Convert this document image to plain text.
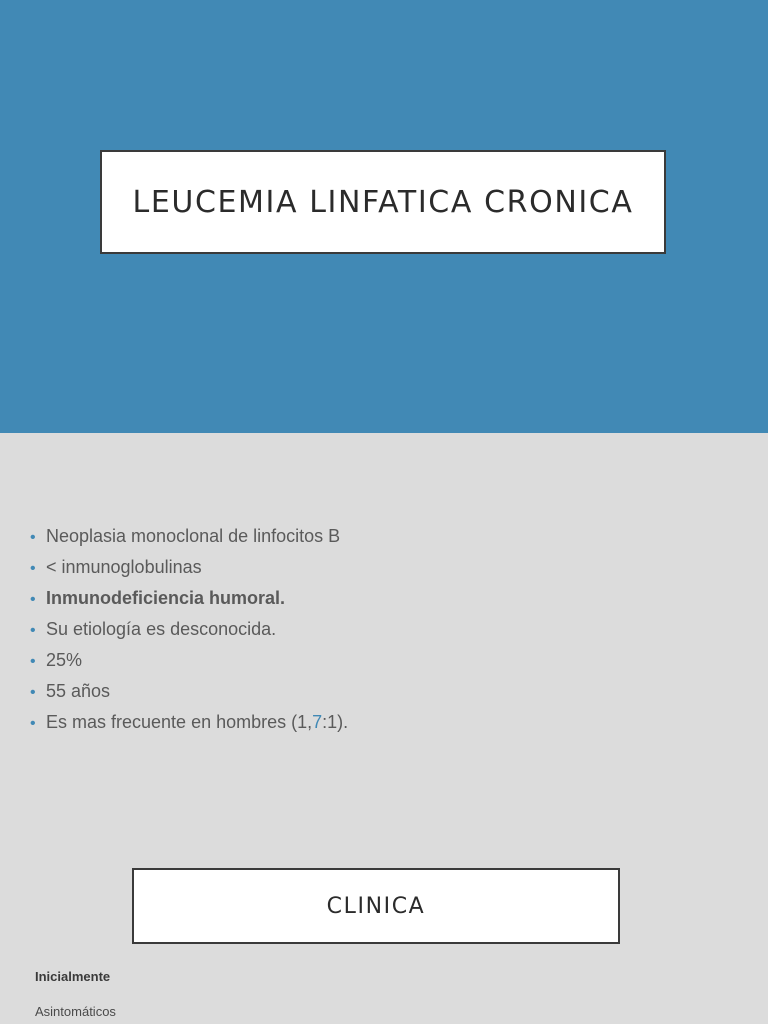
LEUCEMIA LINFATICA CRONICA
• Neoplasia monoclonal de linfocitos B
• < inmunoglobulinas
• Inmunodeficiencia humoral.
• Su etiología es desconocida.
• 25%
• 55 años
• Es mas frecuente en hombres (1,7:1).
CLINICA
Inicialmente
Asintomáticos
